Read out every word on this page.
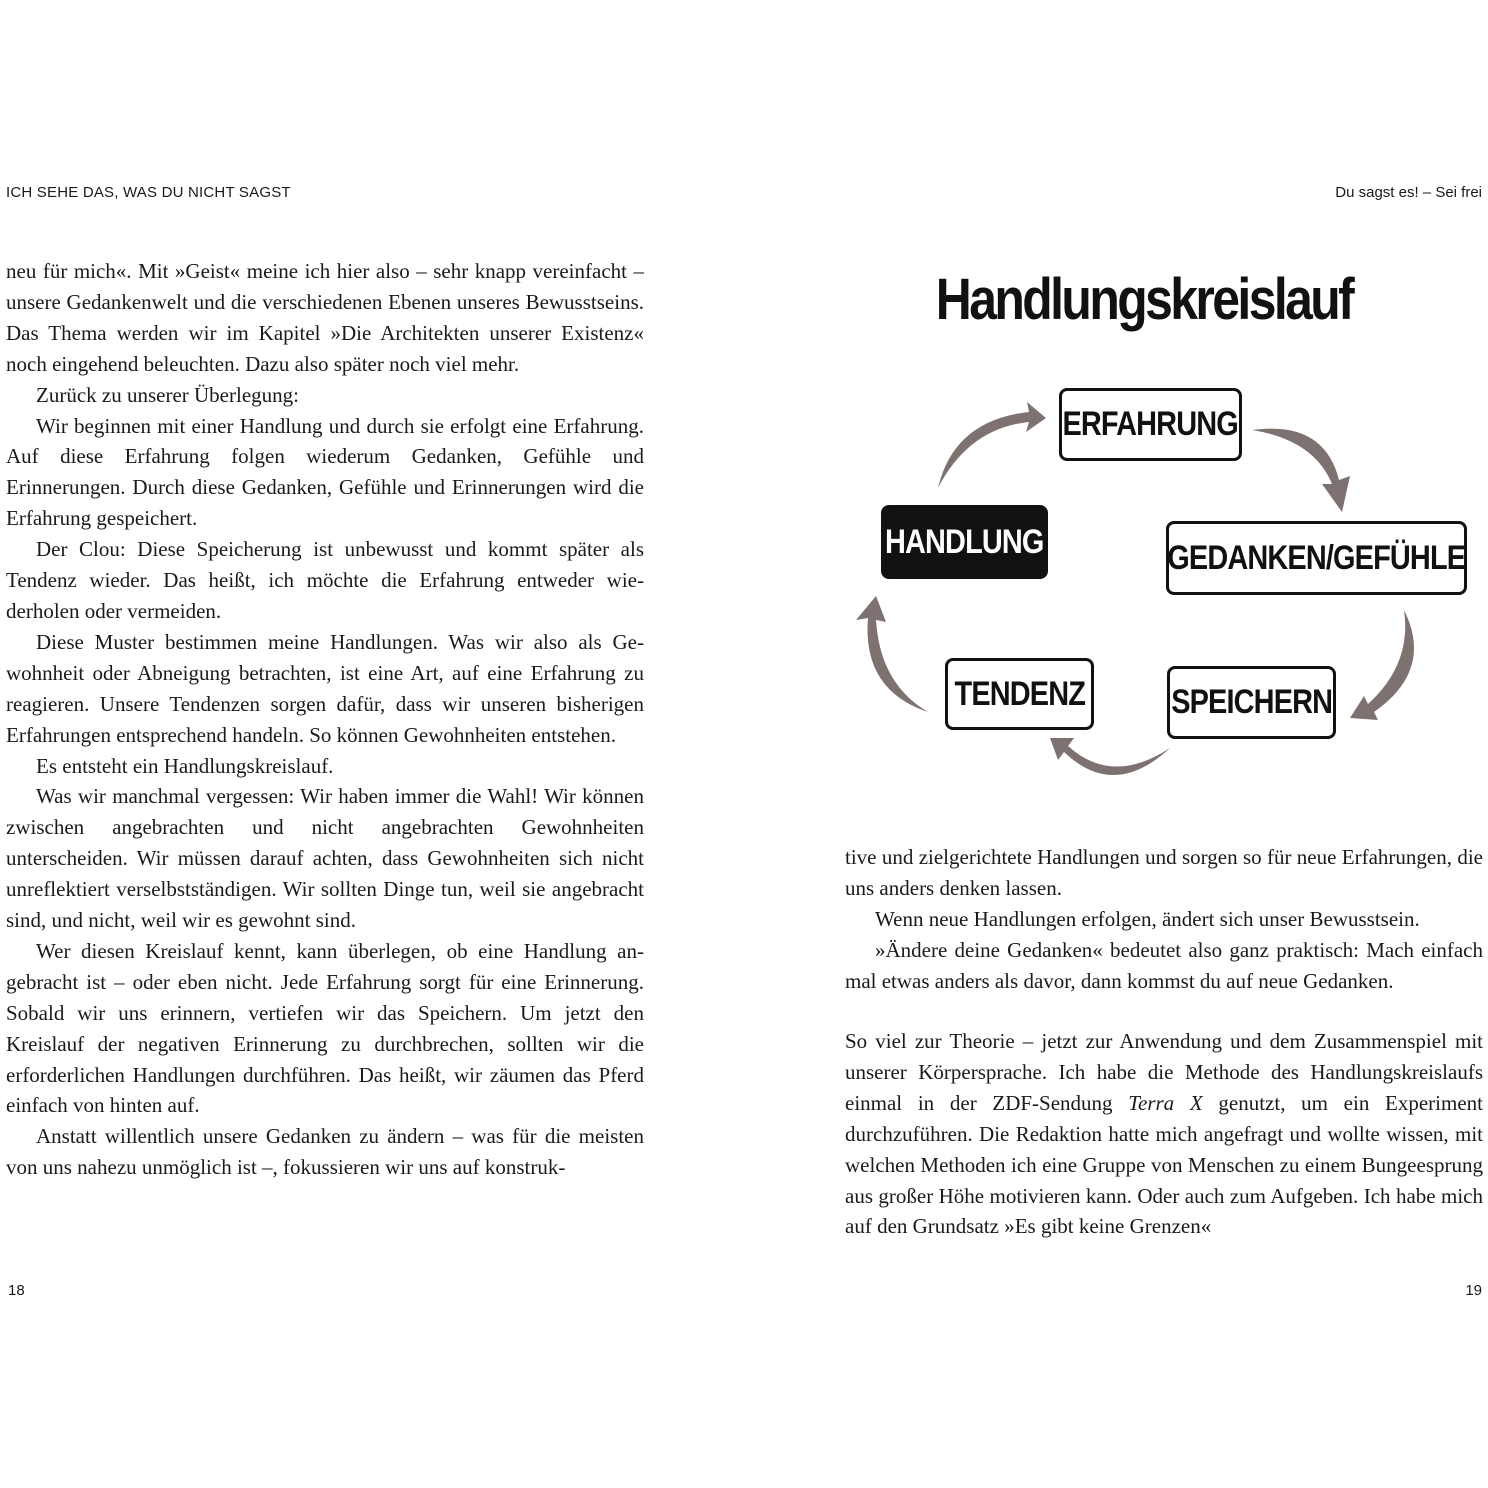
ICH SEHE DAS, WAS DU NICHT SAGST

neu für mich«. Mit »Geist« meine ich hier also – sehr knapp vereinfacht – unsere Gedankenwelt und die verschiedenen Ebenen unseres Bewusstseins. Das Thema werden wir im Kapitel »Die Architekten unserer Existenz« noch eingehend beleuchten. Dazu also später noch viel mehr.

Zurück zu unserer Überlegung:

Wir beginnen mit einer Handlung und durch sie erfolgt eine Erfahrung. Auf diese Erfahrung folgen wiederum Gedanken, Gefühle und Erinnerungen. Durch diese Gedanken, Gefühle und Erinnerungen wird die Erfahrung gespeichert.

Der Clou: Diese Speicherung ist unbewusst und kommt später als Tendenz wieder. Das heißt, ich möchte die Erfahrung entweder wiederholen oder vermeiden.

Diese Muster bestimmen meine Handlungen. Was wir also als Gewohnheit oder Abneigung betrachten, ist eine Art, auf eine Erfahrung zu reagieren. Unsere Tendenzen sorgen dafür, dass wir unseren bisherigen Erfahrungen entsprechend handeln. So können Gewohnheiten entstehen.

Es entsteht ein Handlungskreislauf.

Was wir manchmal vergessen: Wir haben immer die Wahl! Wir können zwischen angebrachten und nicht angebrachten Gewohnheiten unterscheiden. Wir müssen darauf achten, dass Gewohnheiten sich nicht unreflektiert verselbstständigen. Wir sollten Dinge tun, weil sie angebracht sind, und nicht, weil wir es gewohnt sind.

Wer diesen Kreislauf kennt, kann überlegen, ob eine Handlung angebracht ist – oder eben nicht. Jede Erfahrung sorgt für eine Erinnerung. Sobald wir uns erinnern, vertiefen wir das Speichern. Um jetzt den Kreislauf der negativen Erinnerung zu durchbrechen, sollten wir die erforderlichen Handlungen durchführen. Das heißt, wir zäumen das Pferd einfach von hinten auf.

Anstatt willentlich unsere Gedanken zu ändern – was für die meisten von uns nahezu unmöglich ist –, fokussieren wir uns auf konstruk-

18
Du sagst es! – Sei frei
Handlungskreislauf
ERFAHRUNG
GEDANKEN/GEFÜHLE
HANDLUNG
TENDENZ	SPEICHERN

tive und zielgerichtete Handlungen und sorgen so für neue Erfahrungen, die uns anders denken lassen.

Wenn neue Handlungen erfolgen, ändert sich unser Bewusstsein.

»Ändere deine Gedanken« bedeutet also ganz praktisch: Mach einfach mal etwas anders als davor, dann kommst du auf neue Gedanken.

So viel zur Theorie – jetzt zur Anwendung und dem Zusammenspiel mit unserer Körpersprache. Ich habe die Methode des Handlungskreislaufs einmal in der ZDF-Sendung Terra X genutzt, um ein Experiment durchzuführen. Die Redaktion hatte mich angefragt und wollte wissen, mit welchen Methoden ich eine Gruppe von Menschen zu einem Bungeesprung aus großer Höhe motivieren kann. Oder auch zum Aufgeben. Ich habe mich auf den Grundsatz »Es gibt keine Grenzen«

19
